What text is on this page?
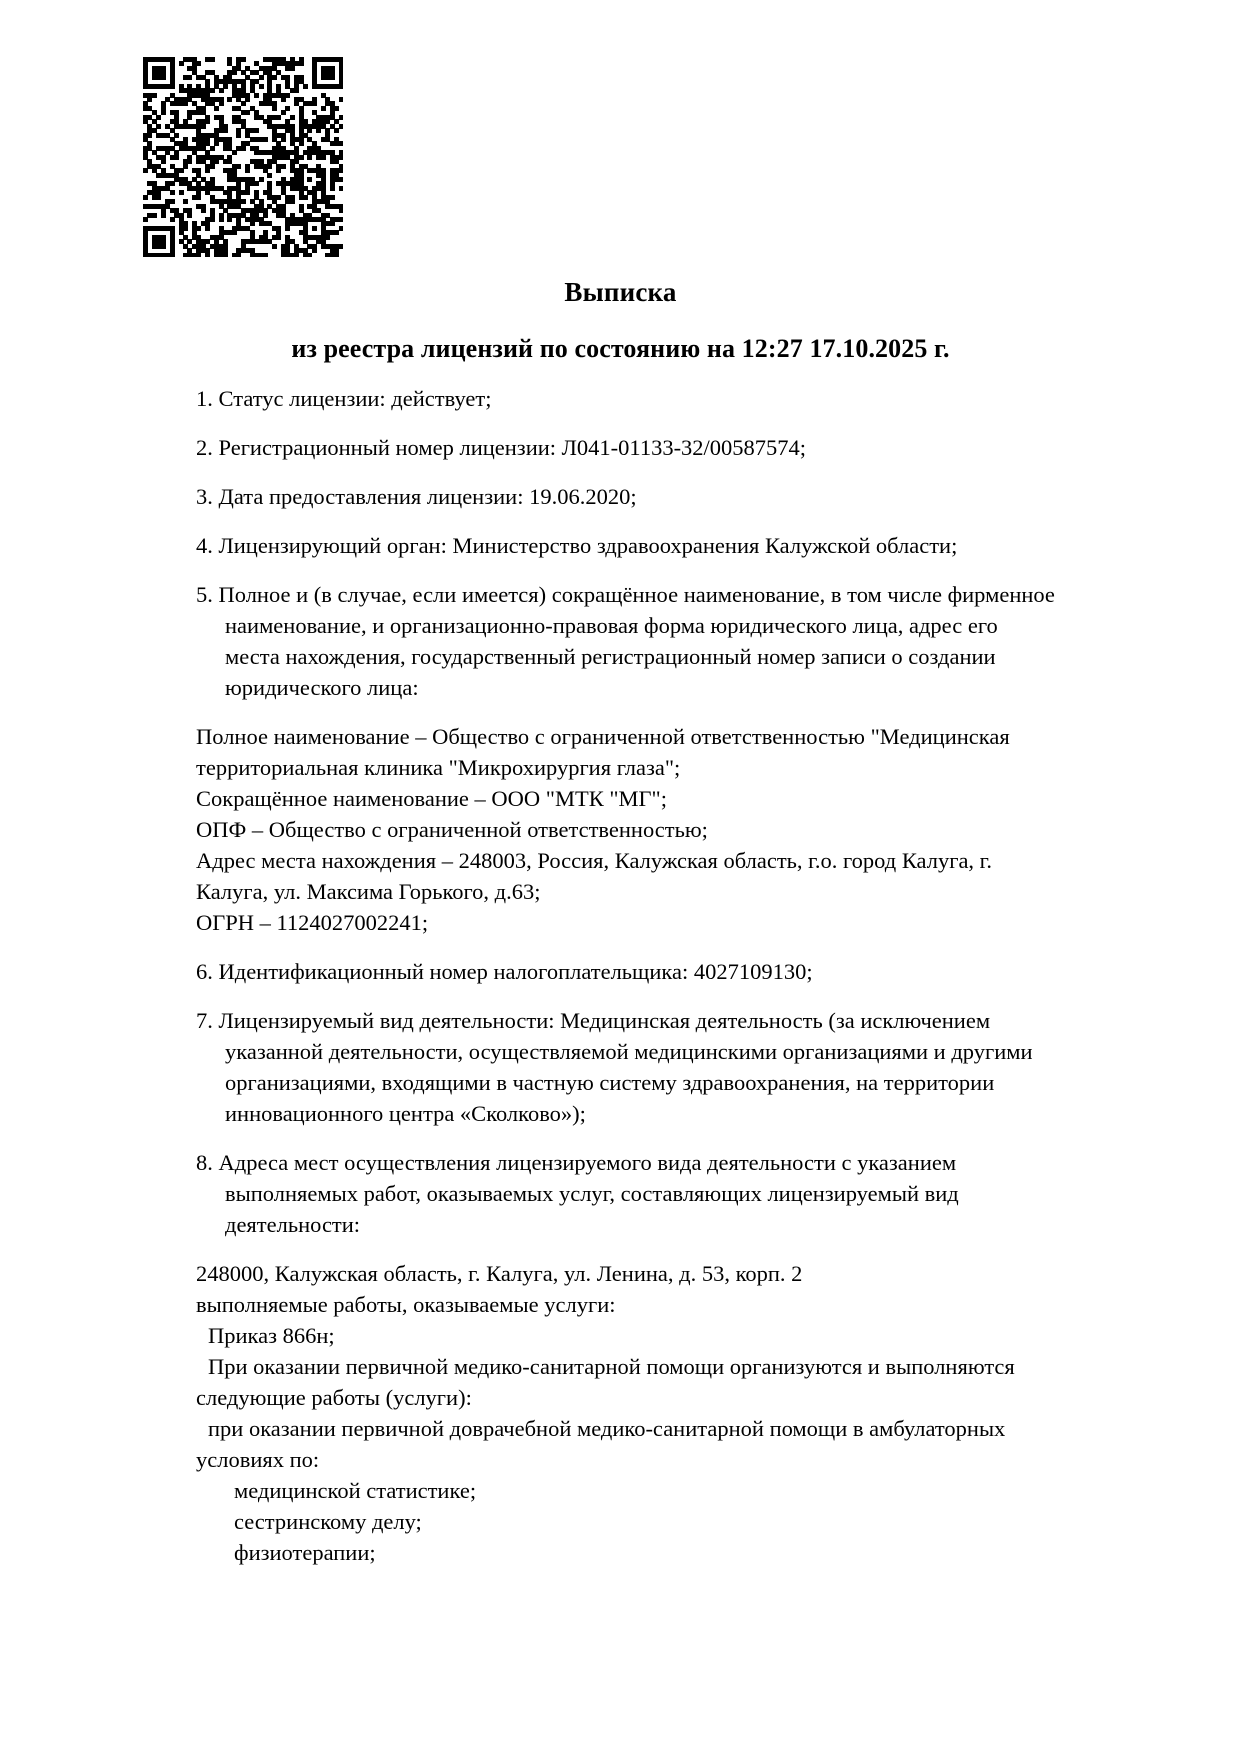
Выписка
из реестра лицензий по состоянию на 12:27 17.10.2025 г.

1. Статус лицензии: действует;

2. Регистрационный номер лицензии: Л041-01133-32/00587574;

3. Дата предоставления лицензии: 19.06.2020;

4. Лицензирующий орган: Министерство здравоохранения Калужской области;

5. Полное и (в случае, если имеется) сокращённое наименование, в том числе фирменное наименование, и организационно-правовая форма юридического лица, адрес его места нахождения, государственный регистрационный номер записи о создании юридического лица:

Полное наименование – Общество с ограниченной ответственностью "Медицинская
территориальная клиника "Микрохирургия глаза";
Сокращённое наименование – ООО "МТК "МГ";
ОПФ – Общество с ограниченной ответственностью;
Адрес места нахождения – 248003, Россия, Калужская область, г.о. город Калуга, г.
Калуга, ул. Максима Горького, д.63;
ОГРН – 1124027002241;

6. Идентификационный номер налогоплательщика: 4027109130;

7. Лицензируемый вид деятельности: Медицинская деятельность (за исключением указанной деятельности, осуществляемой медицинскими организациями и другими организациями, входящими в частную систему здравоохранения, на территории инновационного центра «Сколково»);

8. Адреса мест осуществления лицензируемого вида деятельности с указанием выполняемых работ, оказываемых услуг, составляющих лицензируемый вид деятельности:

248000, Калужская область, г. Калуга, ул. Ленина, д. 53, корп. 2
выполняемые работы, оказываемые услуги:
Приказ 866н;
При оказании первичной медико-санитарной помощи организуются и выполняются
следующие работы (услуги):
при оказании первичной доврачебной медико-санитарной помощи в амбулаторных
условиях по:
медицинской статистике;
сестринскому делу;
физиотерапии;
